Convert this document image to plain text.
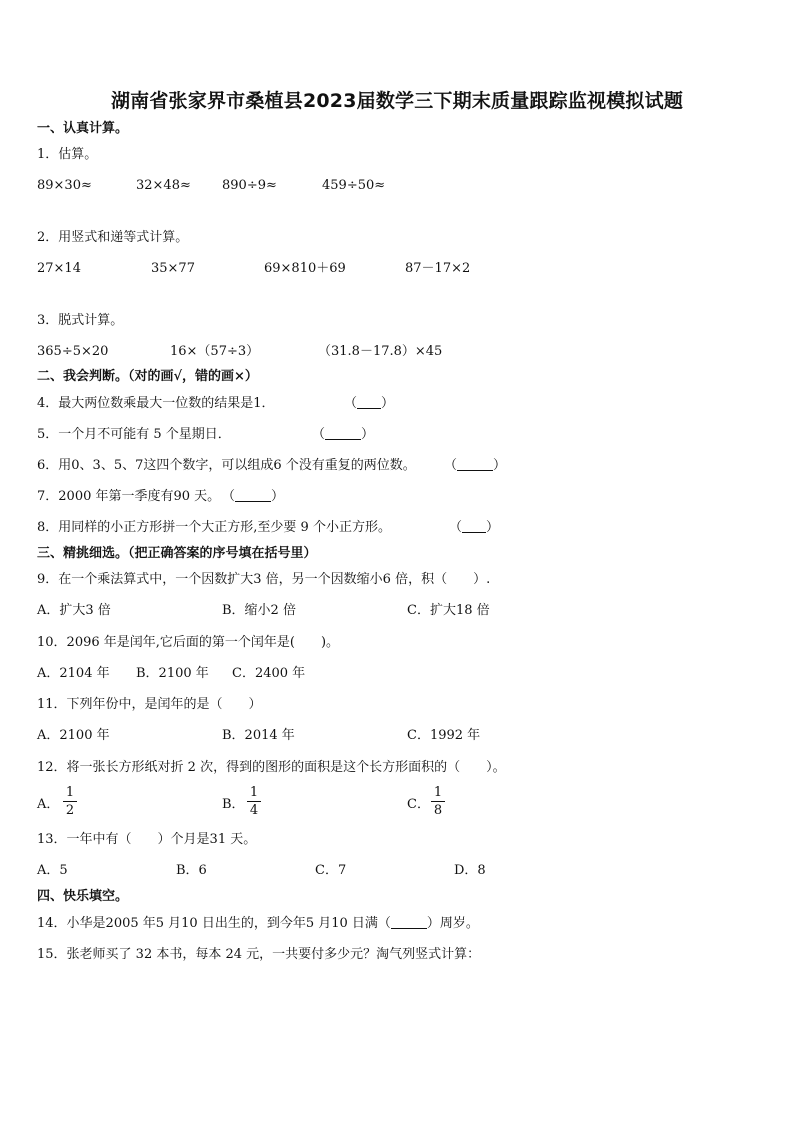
湖南省张家界市桑植县2023届数学三下期末质量跟踪监视模拟试题
一、认真计算。
1．估算。
89×30≈	32×48≈ 890÷9≈	459÷50≈
2．用竖式和递等式计算。
27×14	35×77	69×810＋69	87－17×2
3．脱式计算。
365÷5×20	16×（57÷3）	（31.8－17.8）×45
二、我会判断。（对的画√，错的画×）
4．最大两位数乘最大一位数的结果是1．	（ ）
5．一个月不可能有 5 个星期日．	（	）
6．用0、3、5、7这四个数字，可以组成6 个没有重复的两位数。 （	）
7．2000 年第一季度有90 天。 （	）
8．用同样的小正方形拼一个大正方形,至少要 9 个小正方形。	（ ）
三、精挑细选。（把正确答案的序号填在括号里）
9．在一个乘法算式中，一个因数扩大3 倍，另一个因数缩小6 倍，积（　　）.
A．扩大3 倍	B．缩小2 倍	C．扩大18 倍
10．2096 年是闰年,它后面的第一个闰年是(　　)。
A．2104 年 B．2100 年 C．2400 年
11．下列年份中，是闰年的是（　　）
A．2100 年	B．2014 年	C．1992 年
12．将一张长方形纸对折 2 次，得到的图形的面积是这个长方形面积的（　　）。
A．
1
2	B．
1
4	C．
1
8
13．一年中有（　　）个月是31 天。
A．5	B．6	C．7	D．8
四、快乐填空。
14．小华是2005 年5 月10 日出生的，到今年5 月10 日满（	）周岁。
15．张老师买了 32 本书，每本 24 元，一共要付多少元？淘气列竖式计算：
